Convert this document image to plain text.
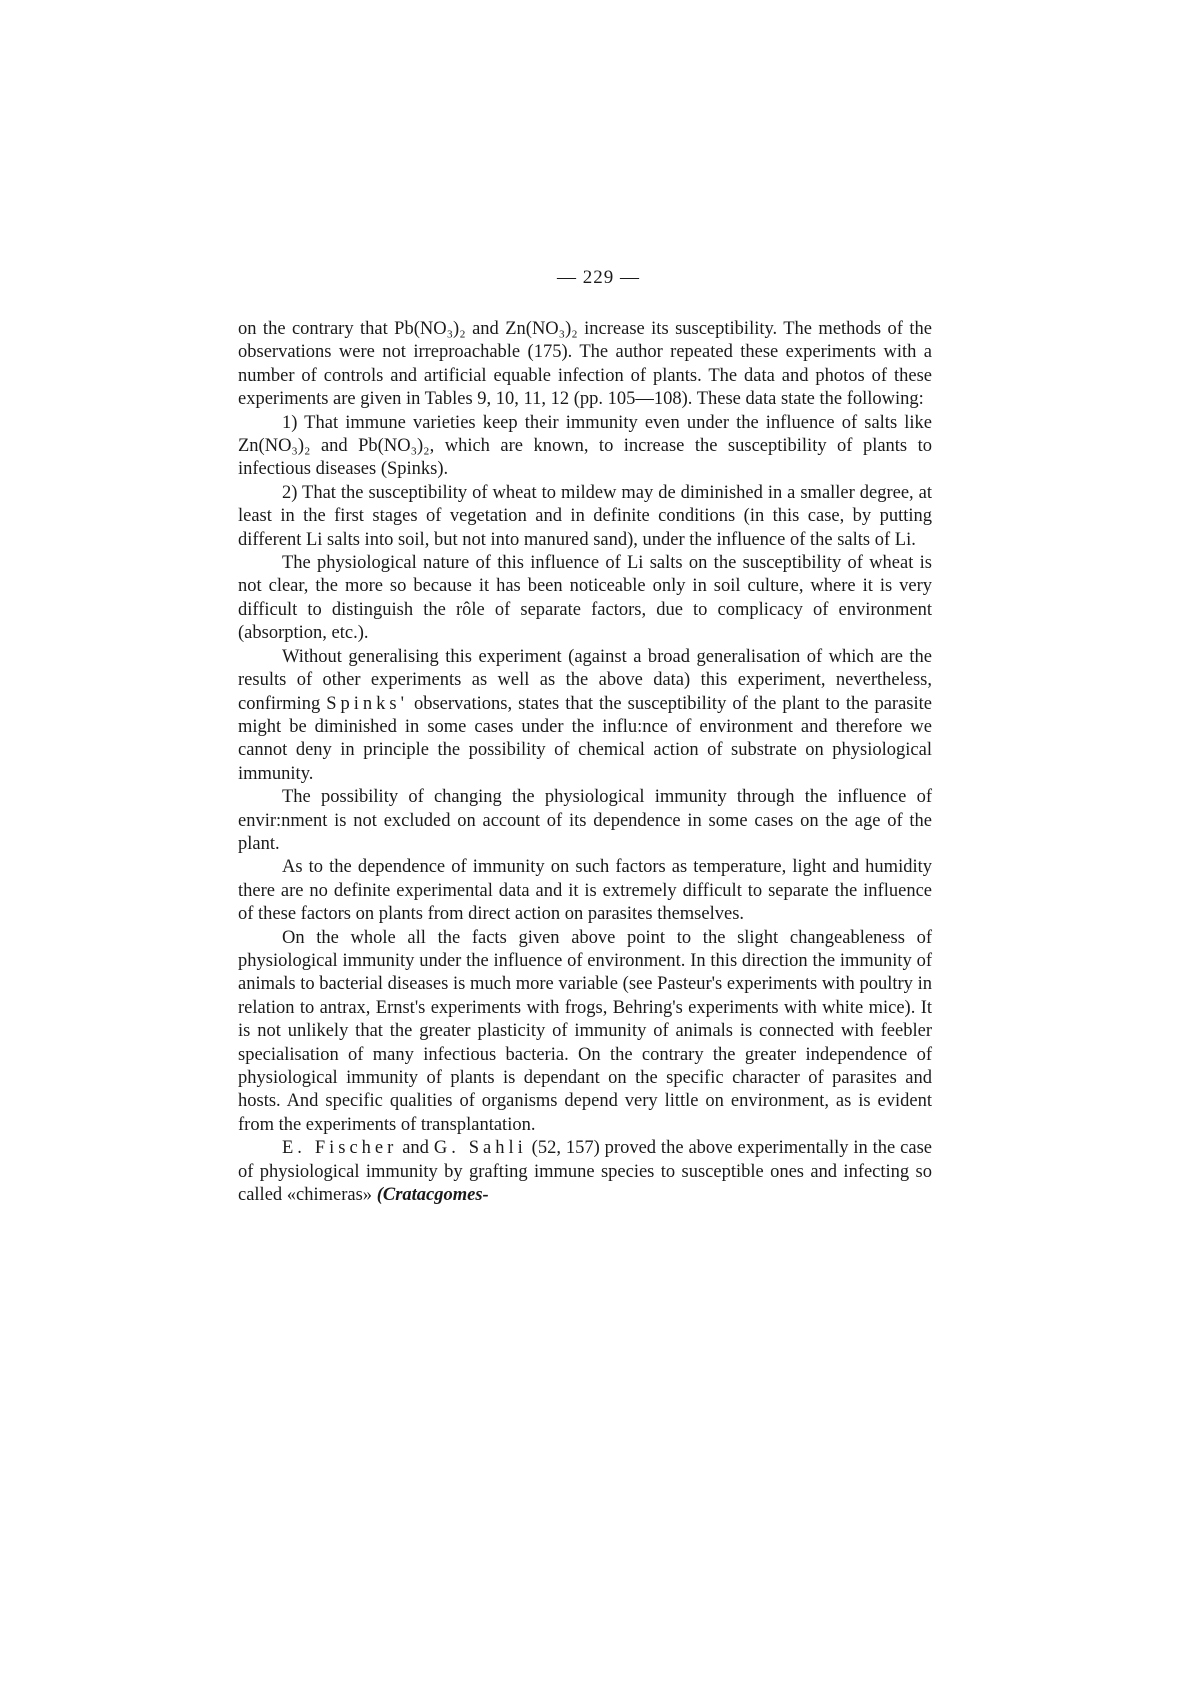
— 229 —

on the contrary that Pb(NO₃)₂ and Zn(NO₃)₂ increase its susceptibility. The methods of the observations were not irreproachable (175). The author repeated these experiments with a number of controls and artificial equable infection of plants. The data and photos of these experiments are given in Tables 9, 10, 11, 12 (pp. 105—108). These data state the following:

1) That immune varieties keep their immunity even under the influence of salts like Zn(NO₃)₂ and Pb(NO₃)₂, which are known, to increase the susceptibility of plants to infectious diseases (Spinks).

2) That the susceptibility of wheat to mildew may de diminished in a smaller degree, at least in the first stages of vegetation and in definite conditions (in this case, by putting different Li salts into soil, but not into manured sand), under the influence of the salts of Li.

The physiological nature of this influence of Li salts on the susceptibility of wheat is not clear, the more so because it has been noticeable only in soil culture, where it is very difficult to distinguish the rôle of separate factors, due to complicacy of environment (absorption, etc.).

Without generalising this experiment (against a broad generalisation of which are the results of other experiments as well as the above data) this experiment, nevertheless, confirming Spinks' observations, states that the susceptibility of the plant to the parasite might be diminished in some cases under the influ:nce of environment and therefore we cannot deny in principle the possibility of chemical action of substrate on physiological immunity.

The possibility of changing the physiological immunity through the influence of envir:nment is not excluded on account of its dependence in some cases on the age of the plant.

As to the dependence of immunity on such factors as temperature, light and humidity there are no definite experimental data and it is extremely difficult to separate the influence of these factors on plants from direct action on parasites themselves.

On the whole all the facts given above point to the slight changeableness of physiological immunity under the influence of environment. In this direction the immunity of animals to bacterial diseases is much more variable (see Pasteur's experiments with poultry in relation to antrax, Ernst's experiments with frogs, Behring's experiments with white mice). It is not unlikely that the greater plasticity of immunity of animals is connected with feebler specialisation of many infectious bacteria. On the contrary the greater independence of physiological immunity of plants is dependant on the specific character of parasites and hosts. And specific qualities of organisms depend very little on environment, as is evident from the experiments of transplantation.

E. Fischer and G. Sahli (52, 157) proved the above experimentally in the case of physiological immunity by grafting immune species to susceptible ones and infecting so called «chimeras» (Cratacgomes-
